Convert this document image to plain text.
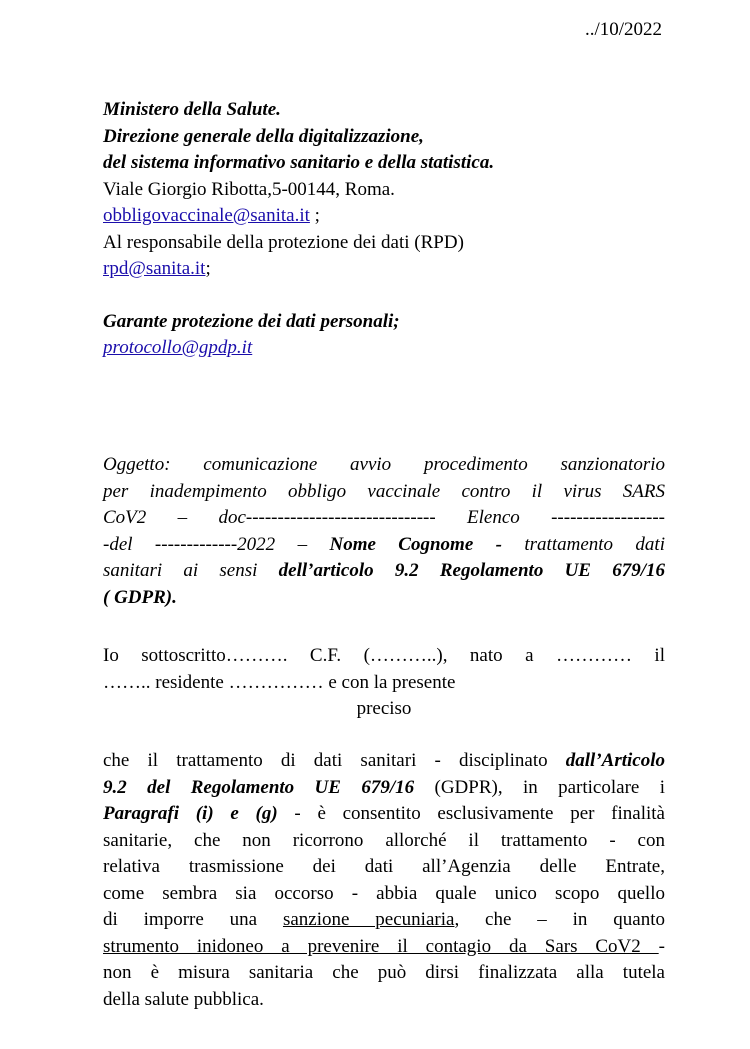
../10/2022
Ministero della Salute.
Direzione generale della digitalizzazione,
del sistema informativo sanitario e della statistica.
Viale Giorgio Ribotta,5-00144, Roma.
obbligovaccinale@sanita.it ;
Al responsabile della protezione dei dati (RPD)
rpd@sanita.it;
Garante protezione dei dati personali;
protocollo@gpdp.it
Oggetto: comunicazione avvio procedimento sanzionatorio
per inadempimento obbligo vaccinale contro il virus SARS
CoV2 – doc------------------------------ Elenco ------------------
-del -------------2022 – Nome Cognome - trattamento dati
sanitari ai sensi dell’articolo 9.2 Regolamento UE 679/16
( GDPR).
Io sottoscritto………. C.F. (………..), nato a ………… il
…….. residente …………… e con la presente
preciso
che il trattamento di dati sanitari - disciplinato dall’Articolo
9.2 del Regolamento UE 679/16 (GDPR), in particolare i
Paragrafi (i) e (g) - è consentito esclusivamente per finalità
sanitarie, che non ricorrono allorché il trattamento - con
relativa trasmissione dei dati all’Agenzia delle Entrate,
come sembra sia occorso - abbia quale unico scopo quello
di imporre una sanzione pecuniaria, che – in quanto
strumento inidoneo a prevenire il contagio da Sars CoV2 -
non è misura sanitaria che può dirsi finalizzata alla tutela
della salute pubblica.
